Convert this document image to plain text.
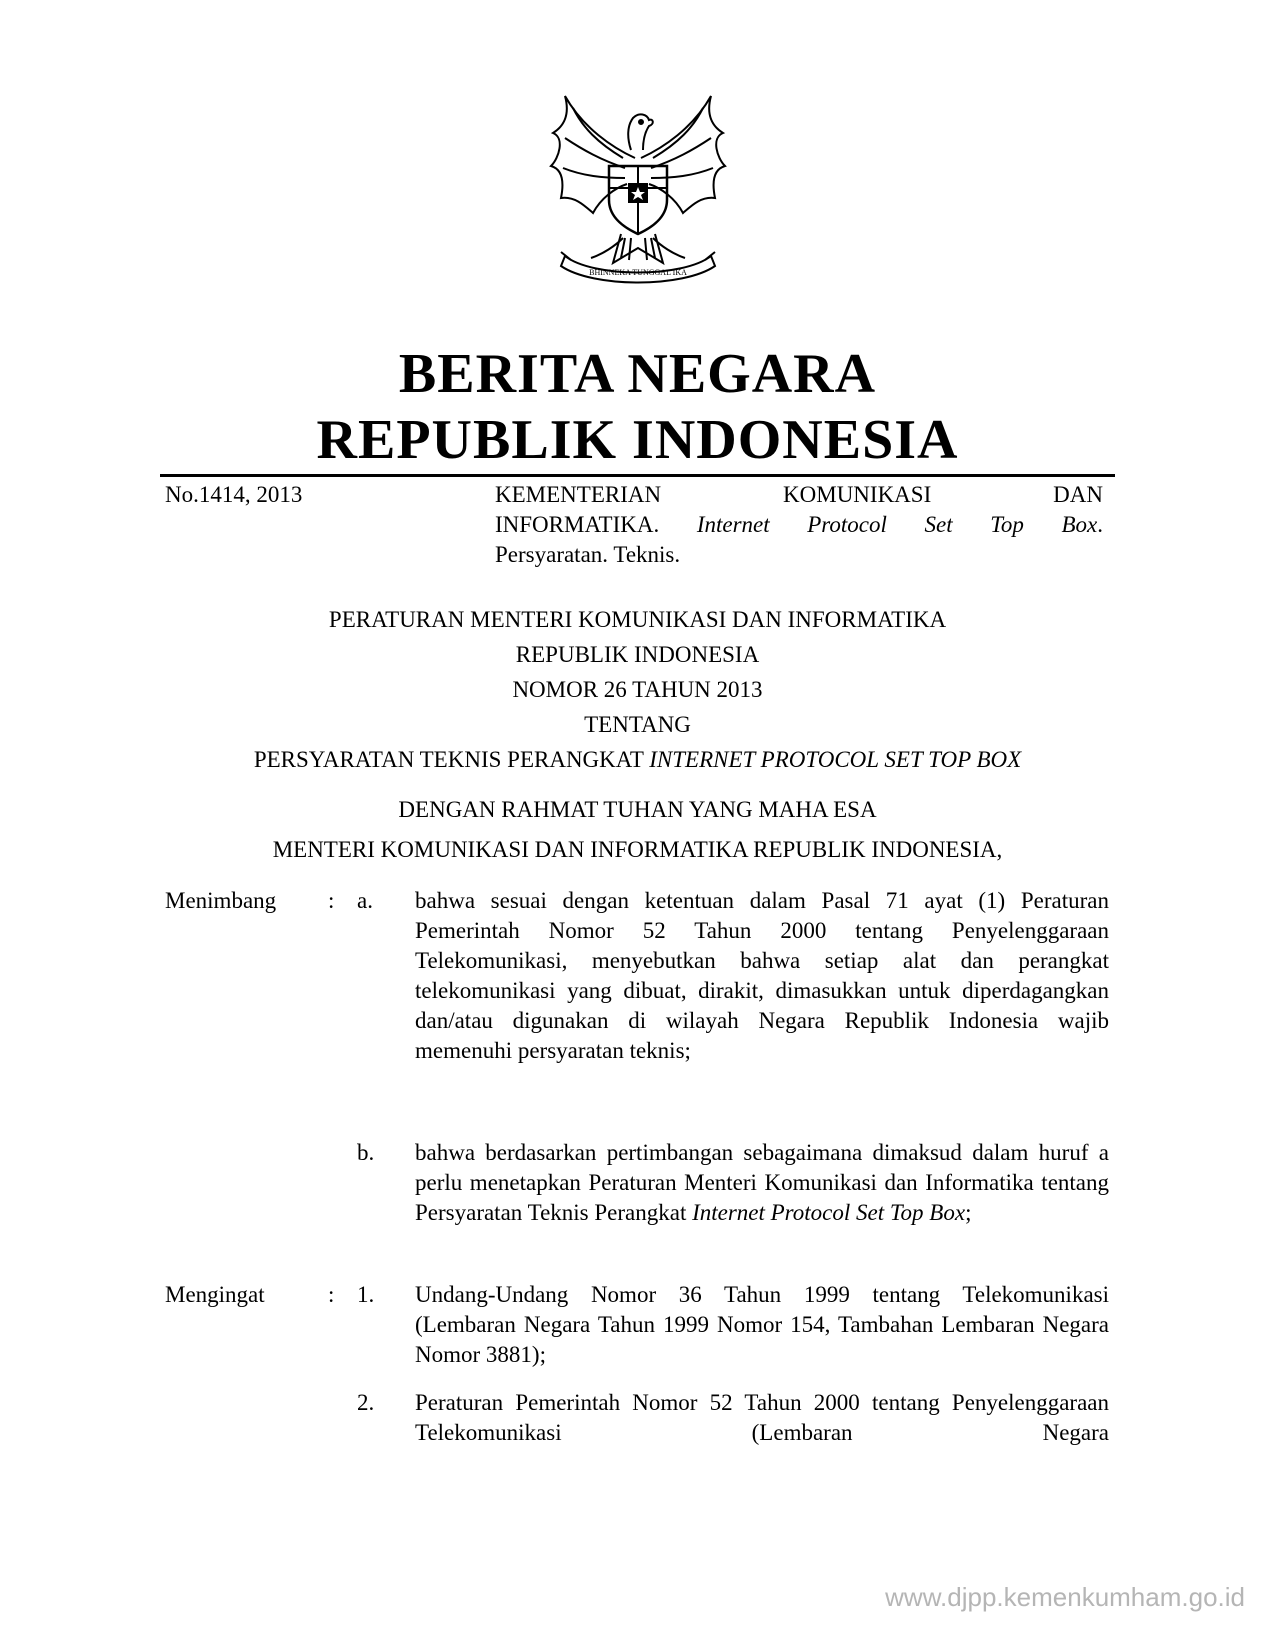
BHINNEKA TUNGGAL IKA
BERITA NEGARA
REPUBLIK INDONESIA
No.1414, 2013	KEMENTERIAN KOMUNIKASI DAN
INFORMATIKA. Internet Protocol Set Top Box.
Persyaratan. Teknis.
PERATURAN MENTERI KOMUNIKASI DAN INFORMATIKA
REPUBLIK INDONESIA
NOMOR 26 TAHUN 2013
TENTANG
PERSYARATAN TEKNIS PERANGKAT INTERNET PROTOCOL SET TOP BOX
DENGAN RAHMAT TUHAN YANG MAHA ESA
MENTERI KOMUNIKASI DAN INFORMATIKA REPUBLIK INDONESIA,
Menimbang	: a. bahwa sesuai dengan ketentuan dalam Pasal 71 ayat (1) Peraturan Pemerintah Nomor 52 Tahun 2000 tentang Penyelenggaraan Telekomunikasi, menyebutkan bahwa setiap alat dan perangkat telekomunikasi yang dibuat, dirakit, dimasukkan untuk diperdagangkan dan/atau digunakan di wilayah Negara Republik Indonesia wajib memenuhi persyaratan teknis;
b. bahwa berdasarkan pertimbangan sebagaimana dimaksud dalam huruf a perlu menetapkan Peraturan Menteri Komunikasi dan Informatika tentang Persyaratan Teknis Perangkat Internet Protocol Set Top Box;
Mengingat	: 1. Undang-Undang Nomor 36 Tahun 1999 tentang Telekomunikasi (Lembaran Negara Tahun 1999 Nomor 154, Tambahan Lembaran Negara Nomor 3881);
2. Peraturan Pemerintah Nomor 52 Tahun 2000 tentang Penyelenggaraan Telekomunikasi (Lembaran Negara
www.djpp.kemenkumham.go.id
